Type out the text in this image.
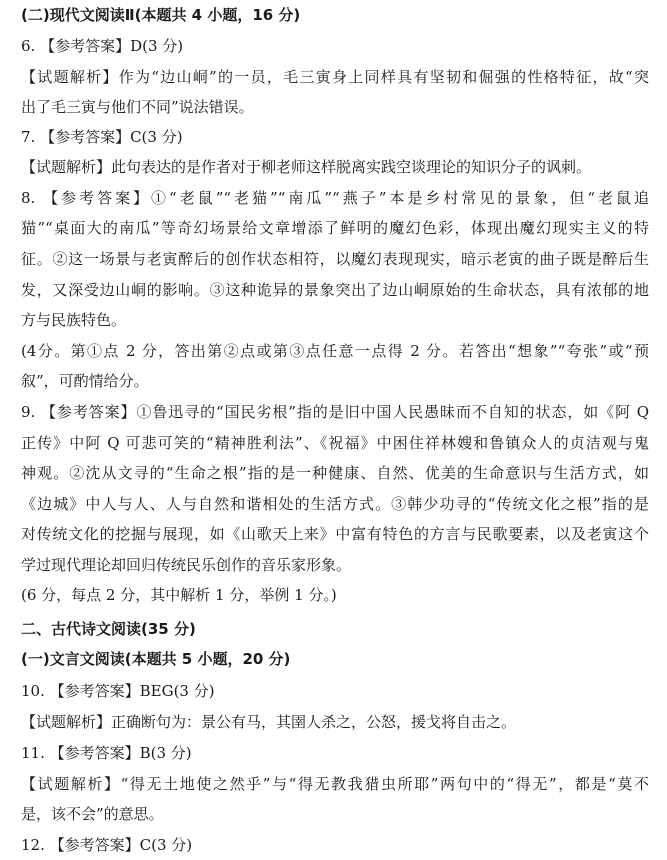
(二)现代文阅读Ⅱ(本题共 4 小题，16 分)
6. 【参考答案】D(3 分)
【试题解析】作为“边山峒”的一员，毛三寅身上同样具有坚韧和倔强的性格特征，故“突
出了毛三寅与他们不同”说法错误。
7. 【参考答案】C(3 分)
【试题解析】此句表达的是作者对于柳老师这样脱离实践空谈理论的知识分子的讽刺。
8. 【参考答案】①“老鼠”“老猫”“南瓜”“燕子”本是乡村常见的景象，但“老鼠追
猫”“桌面大的南瓜”等奇幻场景给文章增添了鲜明的魔幻色彩，体现出魔幻现实主义的特
征。②这一场景与老寅醉后的创作状态相符，以魔幻表现现实，暗示老寅的曲子既是醉后生
发，又深受边山峒的影响。③这种诡异的景象突出了边山峒原始的生命状态，具有浓郁的地
方与民族特色。
(4分。第①点 2 分，答出第②点或第③点任意一点得 2 分。若答出“想象”“夸张”或“预
叙”，可酌情给分。
9. 【参考答案】①鲁迅寻的“国民劣根”指的是旧中国人民愚昧而不自知的状态，如《阿 Q
正传》中阿 Q 可悲可笑的“精神胜利法”、《祝福》中困住祥林嫂和鲁镇众人的贞洁观与鬼
神观。②沈从文寻的“生命之根”指的是一种健康、自然、优美的生命意识与生活方式，如
《边城》中人与人、人与自然和谐相处的生活方式。③韩少功寻的“传统文化之根”指的是
对传统文化的挖掘与展现，如《山歌天上来》中富有特色的方言与民歌要素，以及老寅这个
学过现代理论却回归传统民乐创作的音乐家形象。
(6 分，每点 2 分，其中解析 1 分，举例 1 分。)
二、古代诗文阅读(35 分)
(一)文言文阅读(本题共 5 小题，20 分)
10. 【参考答案】BEG(3 分)
【试题解析】正确断句为：景公有马，其圉人杀之，公怒，援戈将自击之。
11. 【参考答案】B(3 分)
【试题解析】“得无土地使之然乎”与“得无教我猎虫所耶”两句中的“得无”，都是“莫不
是，该不会”的意思。
12. 【参考答案】C(3 分)
